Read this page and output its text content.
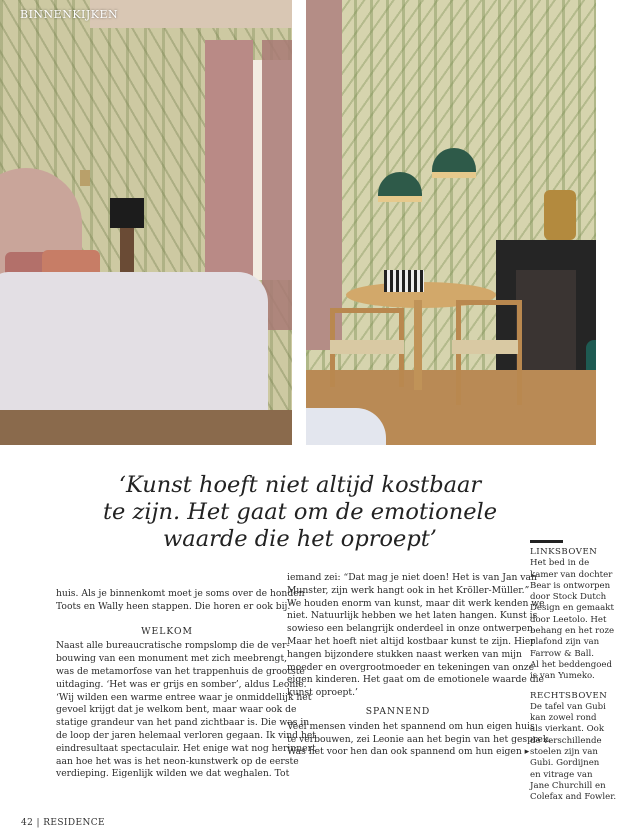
BINNENKIJKEN
‘Kunst hoeft niet altijd kostbaar
te zijn. Het gaat om de emotionele
waarde die het oproept’
huis. Als je binnenkomt moet je soms over de honden
Toots en Wally heen stappen. Die horen er ook bij.’
WELKOM
Naast alle bureaucratische rompslomp die de ver-
bouwing van een monument met zich meebrengt,
was de metamorfose van het trappenhuis de grootste
uitdaging. ‘Het was er grijs en somber’, aldus Leonie.
‘Wij wilden een warme entree waar je onmiddellijk het
gevoel krijgt dat je welkom bent, maar waar ook de
statige grandeur van het pand zichtbaar is. Die was in
de loop der jaren helemaal verloren gegaan. Ik vind het
eindresultaat spectaculair. Het enige wat nog herinnert
aan hoe het was is het neon-kunstwerk op de eerste
verdieping. Eigenlijk wilden we dat weghalen. Tot
iemand zei: “Dat mag je niet doen! Het is van Jan van
Munster, zijn werk hangt ook in het Kröller-Müller.”
We houden enorm van kunst, maar dit werk kenden we
niet. Natuurlijk hebben we het laten hangen. Kunst is
sowieso een belangrijk onderdeel in onze ontwerpen.
Maar het hoeft niet altijd kostbaar kunst te zijn. Hier
hangen bijzondere stukken naast werken van mijn
moeder en overgrootmoeder en tekeningen van onze
eigen kinderen. Het gaat om de emotionele waarde die
kunst oproept.’
SPANNEND
Veel mensen vinden het spannend om hun eigen huis
te verbouwen, zei Leonie aan het begin van het gesprek.
Was het voor hen dan ook spannend om hun eigen ▸
LINKSBOVEN
Het bed in de
kamer van dochter
Bear is ontworpen
door Stock Dutch
Design en gemaakt
door Leetolo. Het
behang en het roze
plafond zijn van
Farrow & Ball.
Al het beddengoed
is van Yumeko.
RECHTSBOVEN
De tafel van Gubi
kan zowel rond
als vierkant. Ook
de verschillende
stoelen zijn van
Gubi. Gordijnen
en vitrage van
Jane Churchill en
Colefax and Fowler.
42 | RESIDENCE
